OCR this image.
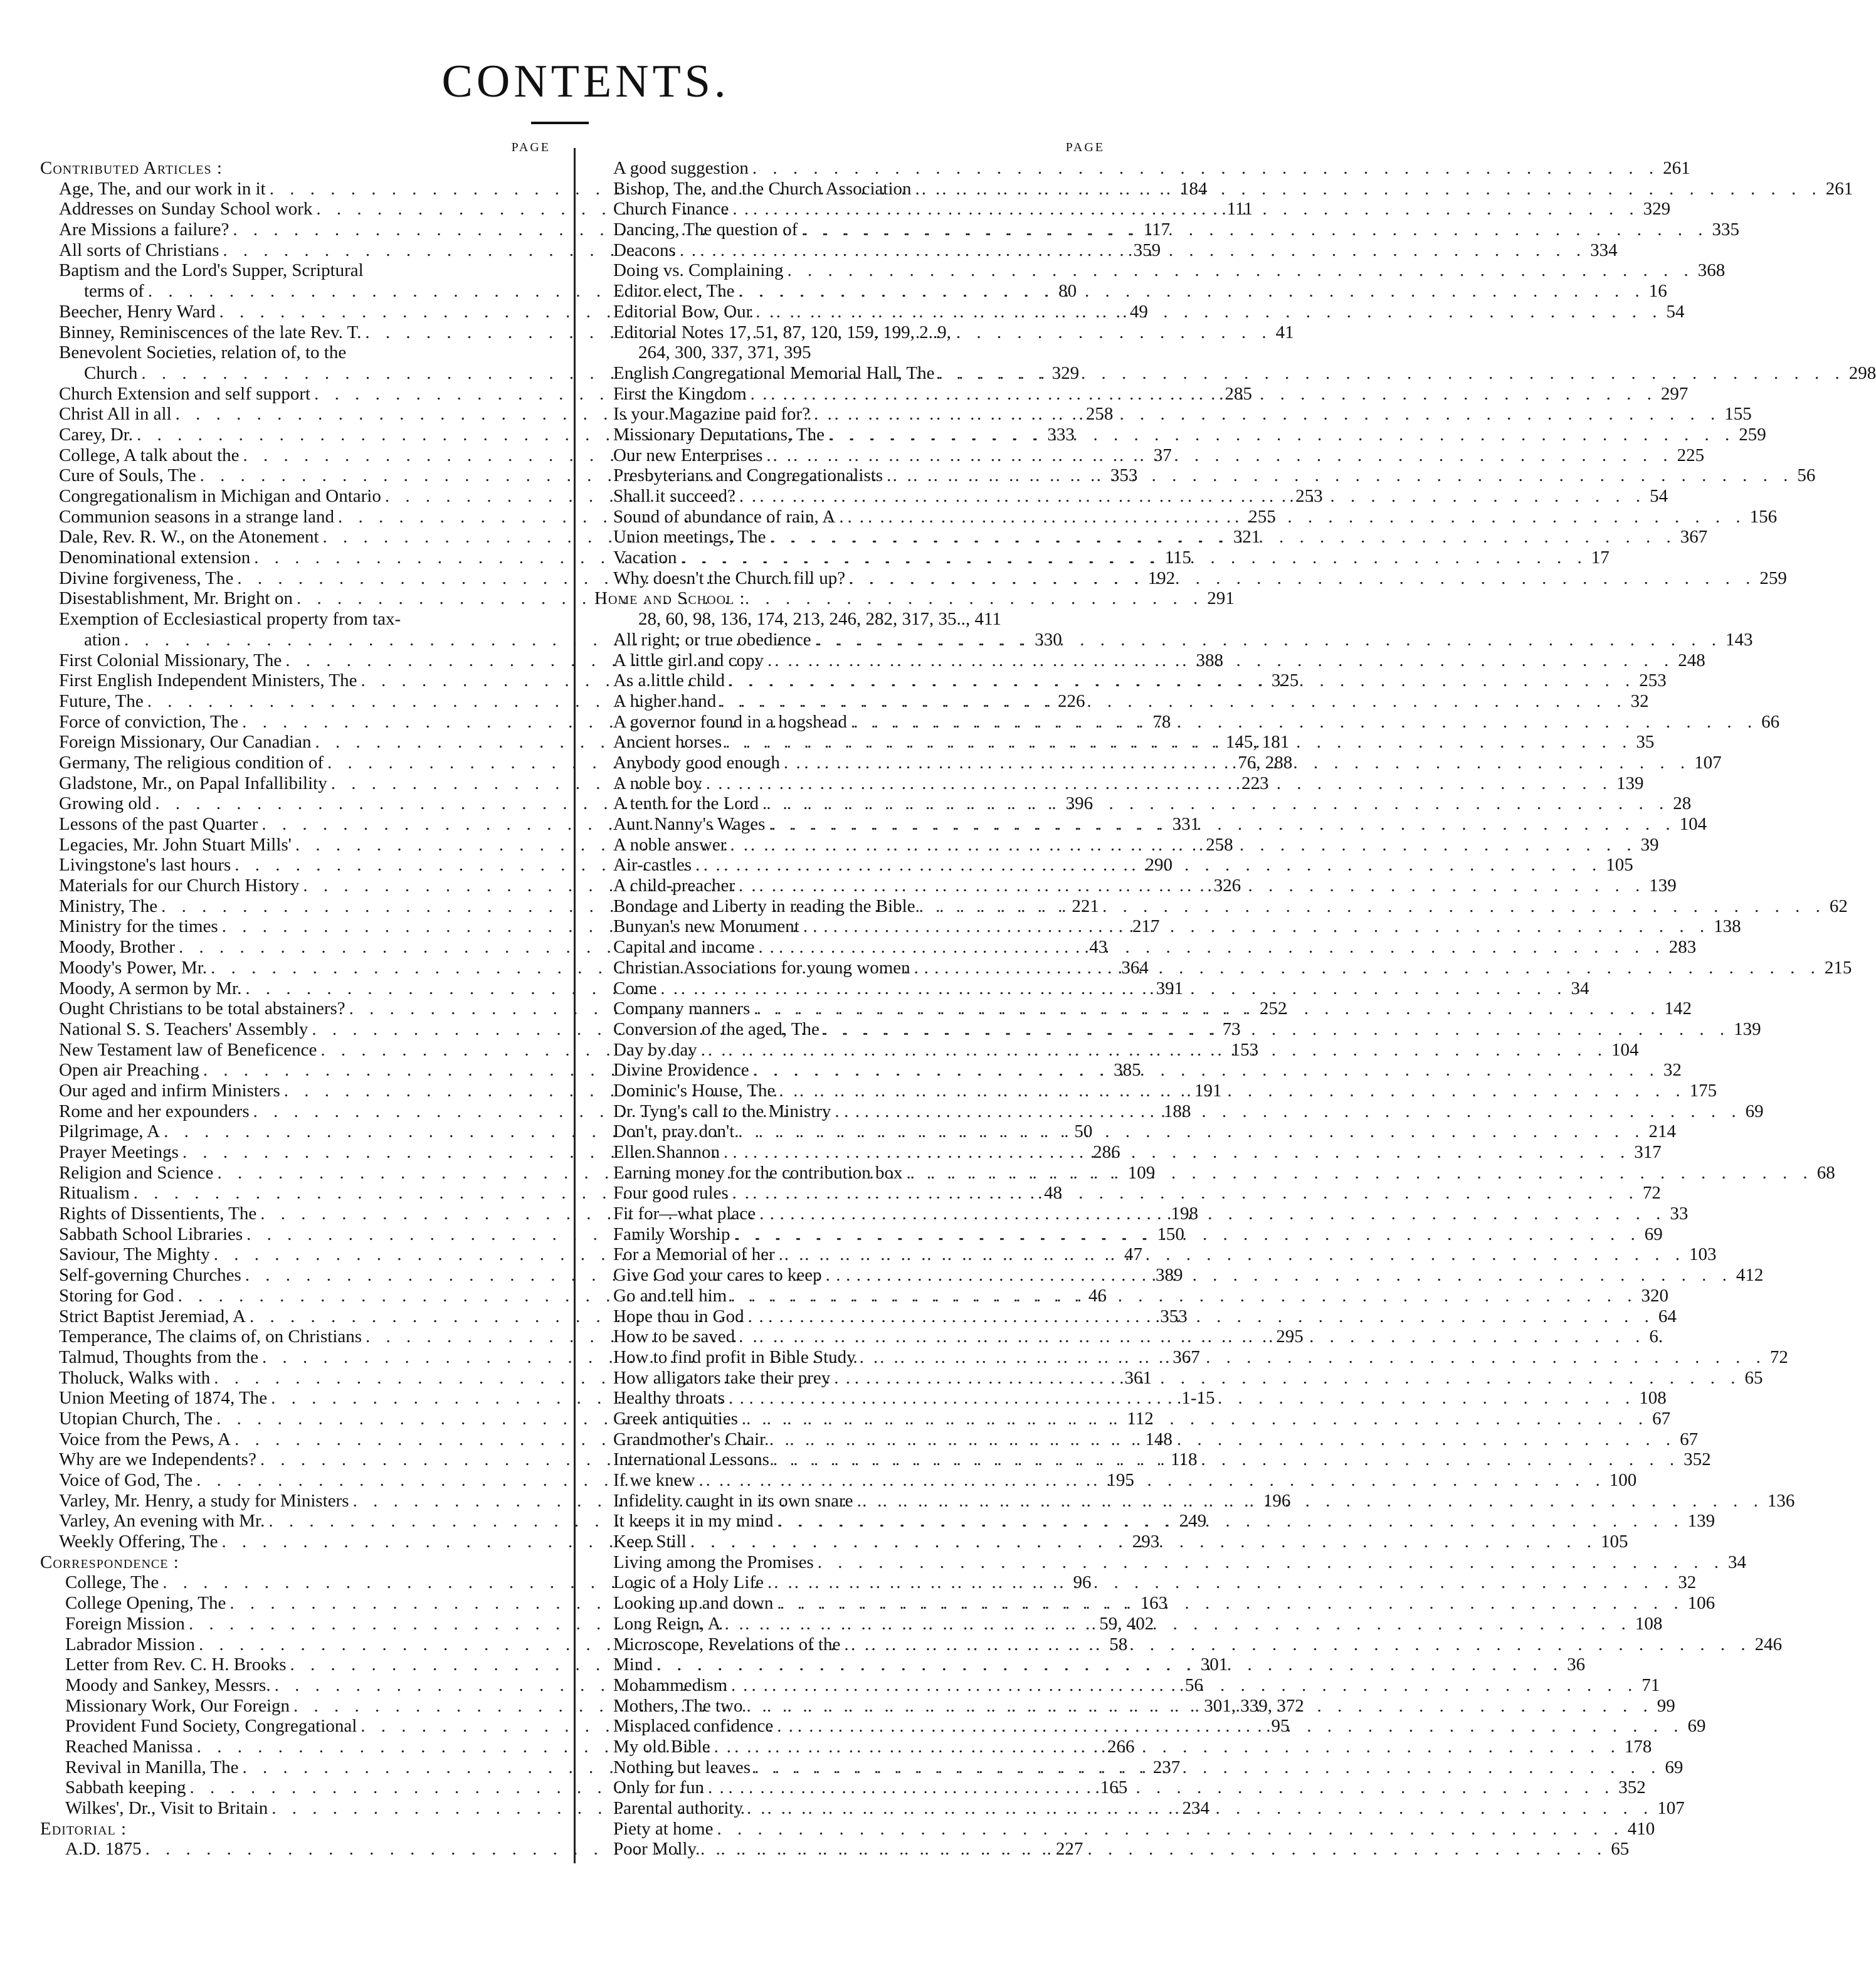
CONTENTS.
PAGE
Contributed Articles :
Age, The, and our work in it . . .	184
Addresses on Sunday School work . . .	111
Are Missions a failure? . . .	117
All sorts of Christians . . .	359
Baptism and the Lord's Supper, Scriptural
terms of . . .	80
Beecher, Henry Ward . . .	49
Binney, Reminiscences of the late Rev. T. . . .	41
Benevolent Societies, relation of, to the
Church . . .	329
Church Extension and self support . . .	285
Christ All in all . . .	258
Carey, Dr. . . .	333
College, A talk about the . . .	37
Cure of Souls, The . . .	353
Congregationalism in Michigan and Ontario . . .	253
Communion seasons in a strange land . . .	255
Dale, Rev. R. W., on the Atonement . . .	321
Denominational extension . . .	115
Divine forgiveness, The . . .	192
Disestablishment, Mr. Bright on . . .	291
Exemption of Ecclesiastical property from tax-
ation . . .	330
First Colonial Missionary, The . . .	388
First English Independent Ministers, The . . .	325
Future, The . . .	226
Force of conviction, The . . .	78
Foreign Missionary, Our Canadian . . .	145, 181
Germany, The religious condition of . . .	76, 288
Gladstone, Mr., on Papal Infallibility . . .	223
Growing old . . .	396
Lessons of the past Quarter . . .	331
Legacies, Mr. John Stuart Mills' . . .	258
Livingstone's last hours . . .	290
Materials for our Church History . . .	326
Ministry, The . . .	221
Ministry for the times . . .	217
Moody, Brother . . .	43
Moody's Power, Mr. . . .	364
Moody, A sermon by Mr. . . .	391
Ought Christians to be total abstainers? . . .	252
National S. S. Teachers' Assembly . . .	73
New Testament law of Beneficence . . .	153
Open air Preaching . . .	385
Our aged and infirm Ministers . . .	191
Rome and her expounders . . .	188
Pilgrimage, A . . .	50
Prayer Meetings . . .	286
Religion and Science . . .	109
Ritualism . . .	48
Rights of Dissentients, The . . .	198
Sabbath School Libraries . . .	150
Saviour, The Mighty . . .	47
Self-governing Churches . . .	389
Storing for God . . .	46
Strict Baptist Jeremiad, A . . .	353
Temperance, The claims of, on Christians . . .	295
Talmud, Thoughts from the . . .	367
Tholuck, Walks with . . .	361
Union Meeting of 1874, The . . .	1-15
Utopian Church, The . . .	112
Voice from the Pews, A . . .	148
Why are we Independents? . . .	118
Voice of God, The . . .	195
Varley, Mr. Henry, a study for Ministers . . .	196
Varley, An evening with Mr. . . .	249
Weekly Offering, The . . .	293
Correspondence :
College, The . . .	96
College Opening, The . . .	163
Foreign Mission . . .	59, 402
Labrador Mission . . .	58
Letter from Rev. C. H. Brooks . . .	301
Moody and Sankey, Messrs. . . .	56
Missionary Work, Our Foreign . . .	301, 339, 372
Provident Fund Society, Congregational . . .	95
Reached Manissa . . .	266
Revival in Manilla, The . . .	237
Sabbath keeping . . .	165
Wilkes', Dr., Visit to Britain . . .	234
Editorial :
A.D. 1875 . . .	227
PAGE
A good suggestion . . .	261
Bishop, The, and the Church Association . . .	261
Church Finance . . .	329
Dancing, The question of . . .	335
Deacons . . .	334
Doing vs. Complaining . . .	368
Editor elect, The . . .	16
Editorial Bow, Our . . .	54
Editorial Notes 17, 51, 87, 120, 159, 199, 2..9,
264, 300, 337, 371, 395
English Congregational Memorial Hall, The . . .	298
First the Kingdom . . .	297
Is your Magazine paid for? . . .	155
Missionary Deputations, The . . .	259
Our new Enterprises . . .	225
Presbyterians and Congregationalists . . .	56
Shall it succeed? . . .	54
Sound of abundance of rain, A . . .	156
Union meetings, The . . .	367
Vacation . . .	17
Why doesn't the Church fill up? . . .	259
Home and School :
28, 60, 98, 136, 174, 213, 246, 282, 317, 35.., 411
All right; or true obedience . . .	143
A little girl and copy . . .	248
As a little child . . .	253
A higher hand . . .	32
A governor found in a hogshead . . .	66
Ancient horses . . .	35
Anybody good enough . . .	107
A noble boy . . .	139
A tenth for the Lord . . .	28
Aunt Nanny's Wages . . .	104
A noble answer . . .	39
Air-castles . . .	105
A child-preacher . . .	139
Bondage and Liberty in reading the Bible . . .	62
Bunyan's new Monument . . .	138
Capital and income . . .	283
Christian Associations for young women . . .	215
Come . . .	34
Company manners . . .	142
Conversion of the aged, The . . .	139
Day by day . . .	104
Divine Providence . . .	32
Dominic's House, The . . .	175
Dr. Tyng's call to the Ministry . . .	69
Don't, pray don't . . .	214
Ellen Shannon . . .	317
Earning money for the contribution box . . .	68
Four good rules . . .	72
Fit for—what place . . .	33
Family Worship . . .	69
For a Memorial of her . . .	103
Give God your cares to keep . . .	412
Go and tell him . . .	320
Hope thou in God . . .	64
How to be saved . . .	6.
How to find profit in Bible Study . . .	72
How alligators take their prey . . .	65
Healthy throats . . .	108
Greek antiquities . . .	67
Grandmother's Chair . . .	67
International Lessons . . .	352
If we knew . . .	100
Infidelity caught in its own snare . . .	136
It keeps it in my mind . . .	139
Keep Still . . .	105
Living among the Promises . . .	34
Logic of a Holy Life . . .	32
Looking up and down . . .	106
Long Reign, A . . .	108
Microscope, Revelations of the . . .	246
Mind . . .	36
Mohammedism . . .	71
Mothers, The two . . .	99
Misplaced confidence . . .	69
My old Bible . . .	178
Nothing but leaves . . .	69
Only for fun . . .	352
Parental authority . . .	107
Piety at home . . .	410
Poor Molly . . .	65
